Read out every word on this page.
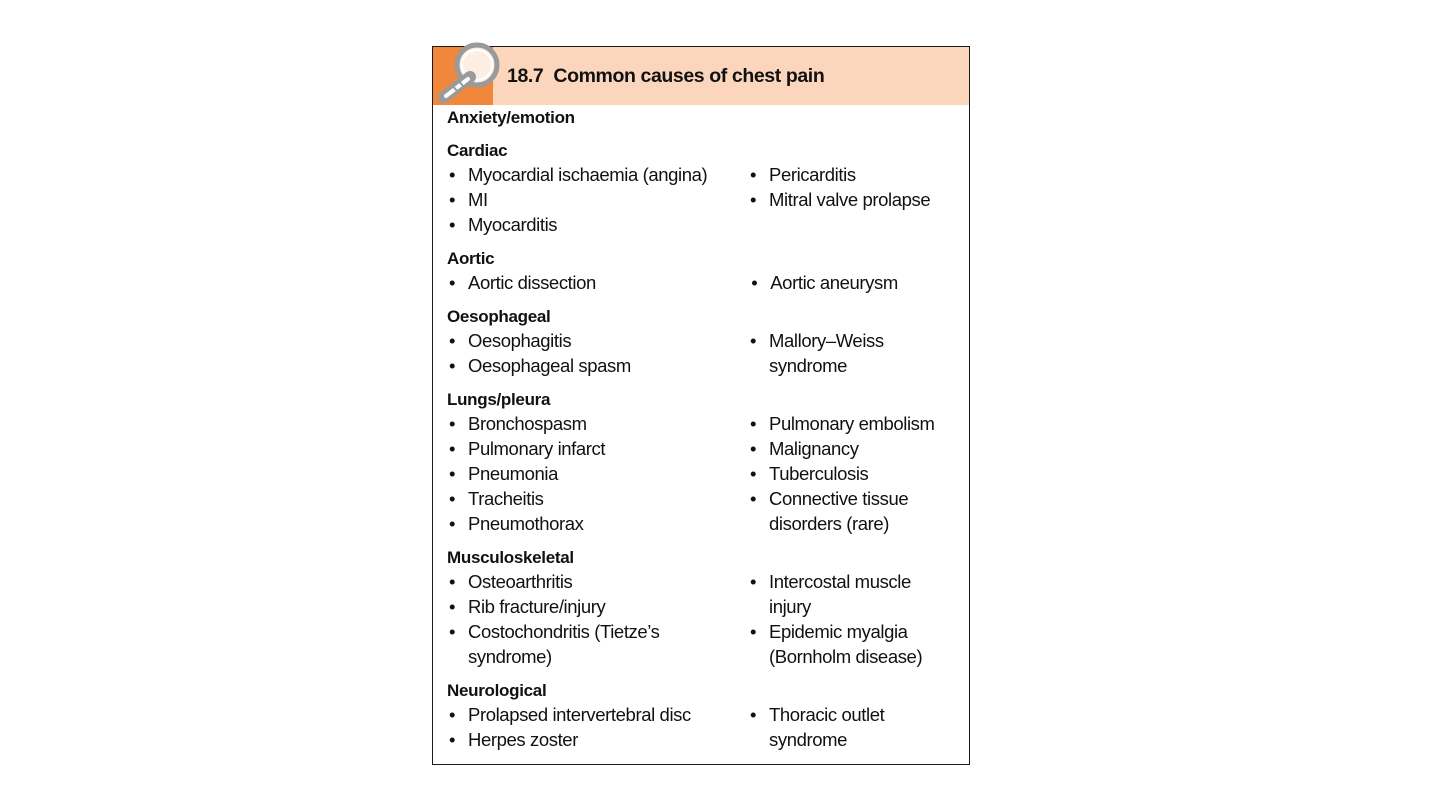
18.7 Common causes of chest pain
Anxiety/emotion
Cardiac
• Myocardial ischaemia (angina)
• MI
• Myocarditis
• Pericarditis
• Mitral valve prolapse
Aortic
• Aortic dissection
•	Aortic aneurysm
Oesophageal
• Oesophagitis
• Oesophageal spasm
• Mallory–Weiss syndrome
Lungs/pleura
• Bronchospasm
• Pulmonary infarct
• Pneumonia
• Tracheitis
• Pneumothorax
• Pulmonary embolism
• Malignancy
• Tuberculosis
• Connective tissue disorders (rare)
Musculoskeletal
• Osteoarthritis
• Rib fracture/injury
• Costochondritis (Tietze’s syndrome)
• Intercostal muscle injury
• Epidemic myalgia (Bornholm disease)
Neurological
• Prolapsed intervertebral disc
• Herpes zoster
• Thoracic outlet syndrome
